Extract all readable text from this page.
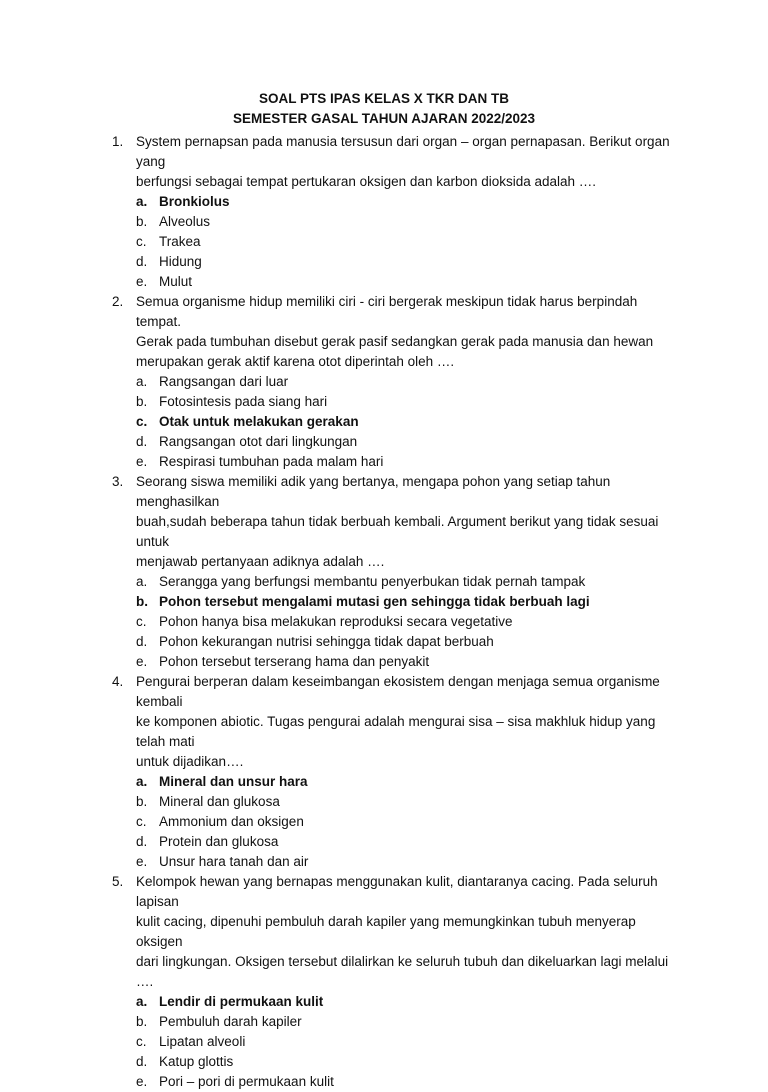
SOAL PTS IPAS KELAS X TKR DAN TB
SEMESTER GASAL TAHUN AJARAN 2022/2023
1. System pernapsan pada manusia tersusun dari organ – organ pernapasan. Berikut organ yang
berfungsi sebagai tempat pertukaran oksigen dan karbon dioksida adalah ….
a. Bronkiolus
b. Alveolus
c. Trakea
d. Hidung
e. Mulut
2. Semua organisme hidup memiliki ciri - ciri bergerak meskipun tidak harus berpindah tempat.
Gerak pada tumbuhan disebut gerak pasif sedangkan gerak pada manusia dan hewan
merupakan gerak aktif karena otot diperintah oleh ….
a. Rangsangan dari luar
b. Fotosintesis pada siang hari
c. Otak untuk melakukan gerakan
d. Rangsangan otot dari lingkungan
e. Respirasi tumbuhan pada malam hari
3. Seorang siswa memiliki adik yang bertanya, mengapa pohon yang setiap tahun menghasilkan
buah,sudah beberapa tahun tidak berbuah kembali. Argument berikut yang tidak sesuai untuk
menjawab pertanyaan adiknya adalah ….
a. Serangga yang berfungsi membantu penyerbukan tidak pernah tampak
b. Pohon tersebut mengalami mutasi gen sehingga tidak berbuah lagi
c. Pohon hanya bisa melakukan reproduksi secara vegetative
d. Pohon kekurangan nutrisi sehingga tidak dapat berbuah
e. Pohon tersebut terserang hama dan penyakit
4. Pengurai berperan dalam keseimbangan ekosistem dengan menjaga semua organisme kembali
ke komponen abiotic. Tugas pengurai adalah mengurai sisa – sisa makhluk hidup yang telah mati
untuk dijadikan….
a. Mineral dan unsur hara
b. Mineral dan glukosa
c. Ammonium dan oksigen
d. Protein dan glukosa
e. Unsur hara tanah dan air
5. Kelompok hewan yang bernapas menggunakan kulit, diantaranya cacing. Pada seluruh lapisan
kulit cacing, dipenuhi pembuluh darah kapiler yang memungkinkan tubuh menyerap oksigen
dari lingkungan. Oksigen tersebut dilalirkan ke seluruh tubuh dan dikeluarkan lagi melalui ….
a. Lendir di permukaan kulit
b. Pembuluh darah kapiler
c. Lipatan alveoli
d. Katup glottis
e. Pori – pori di permukaan kulit
